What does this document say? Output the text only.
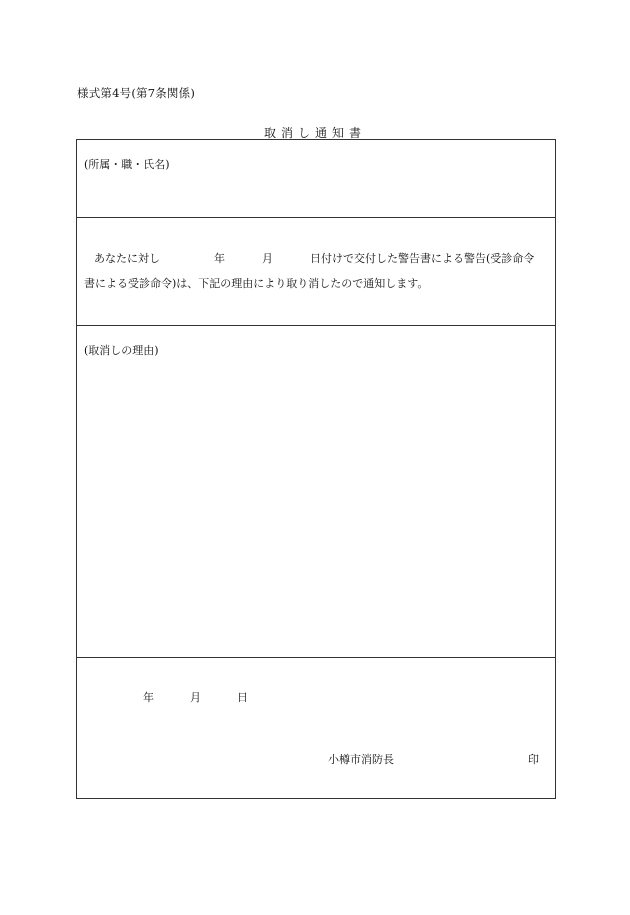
様式第4号(第7条関係)
取消し通知書
(所属・職・氏名)
あなたに対し	年	月	日付けで交付した警告書による警告(受診命令
書による受診命令)は、下記の理由により取り消したので通知します。
(取消しの理由)
年	月	日
小樽市消防長	印
